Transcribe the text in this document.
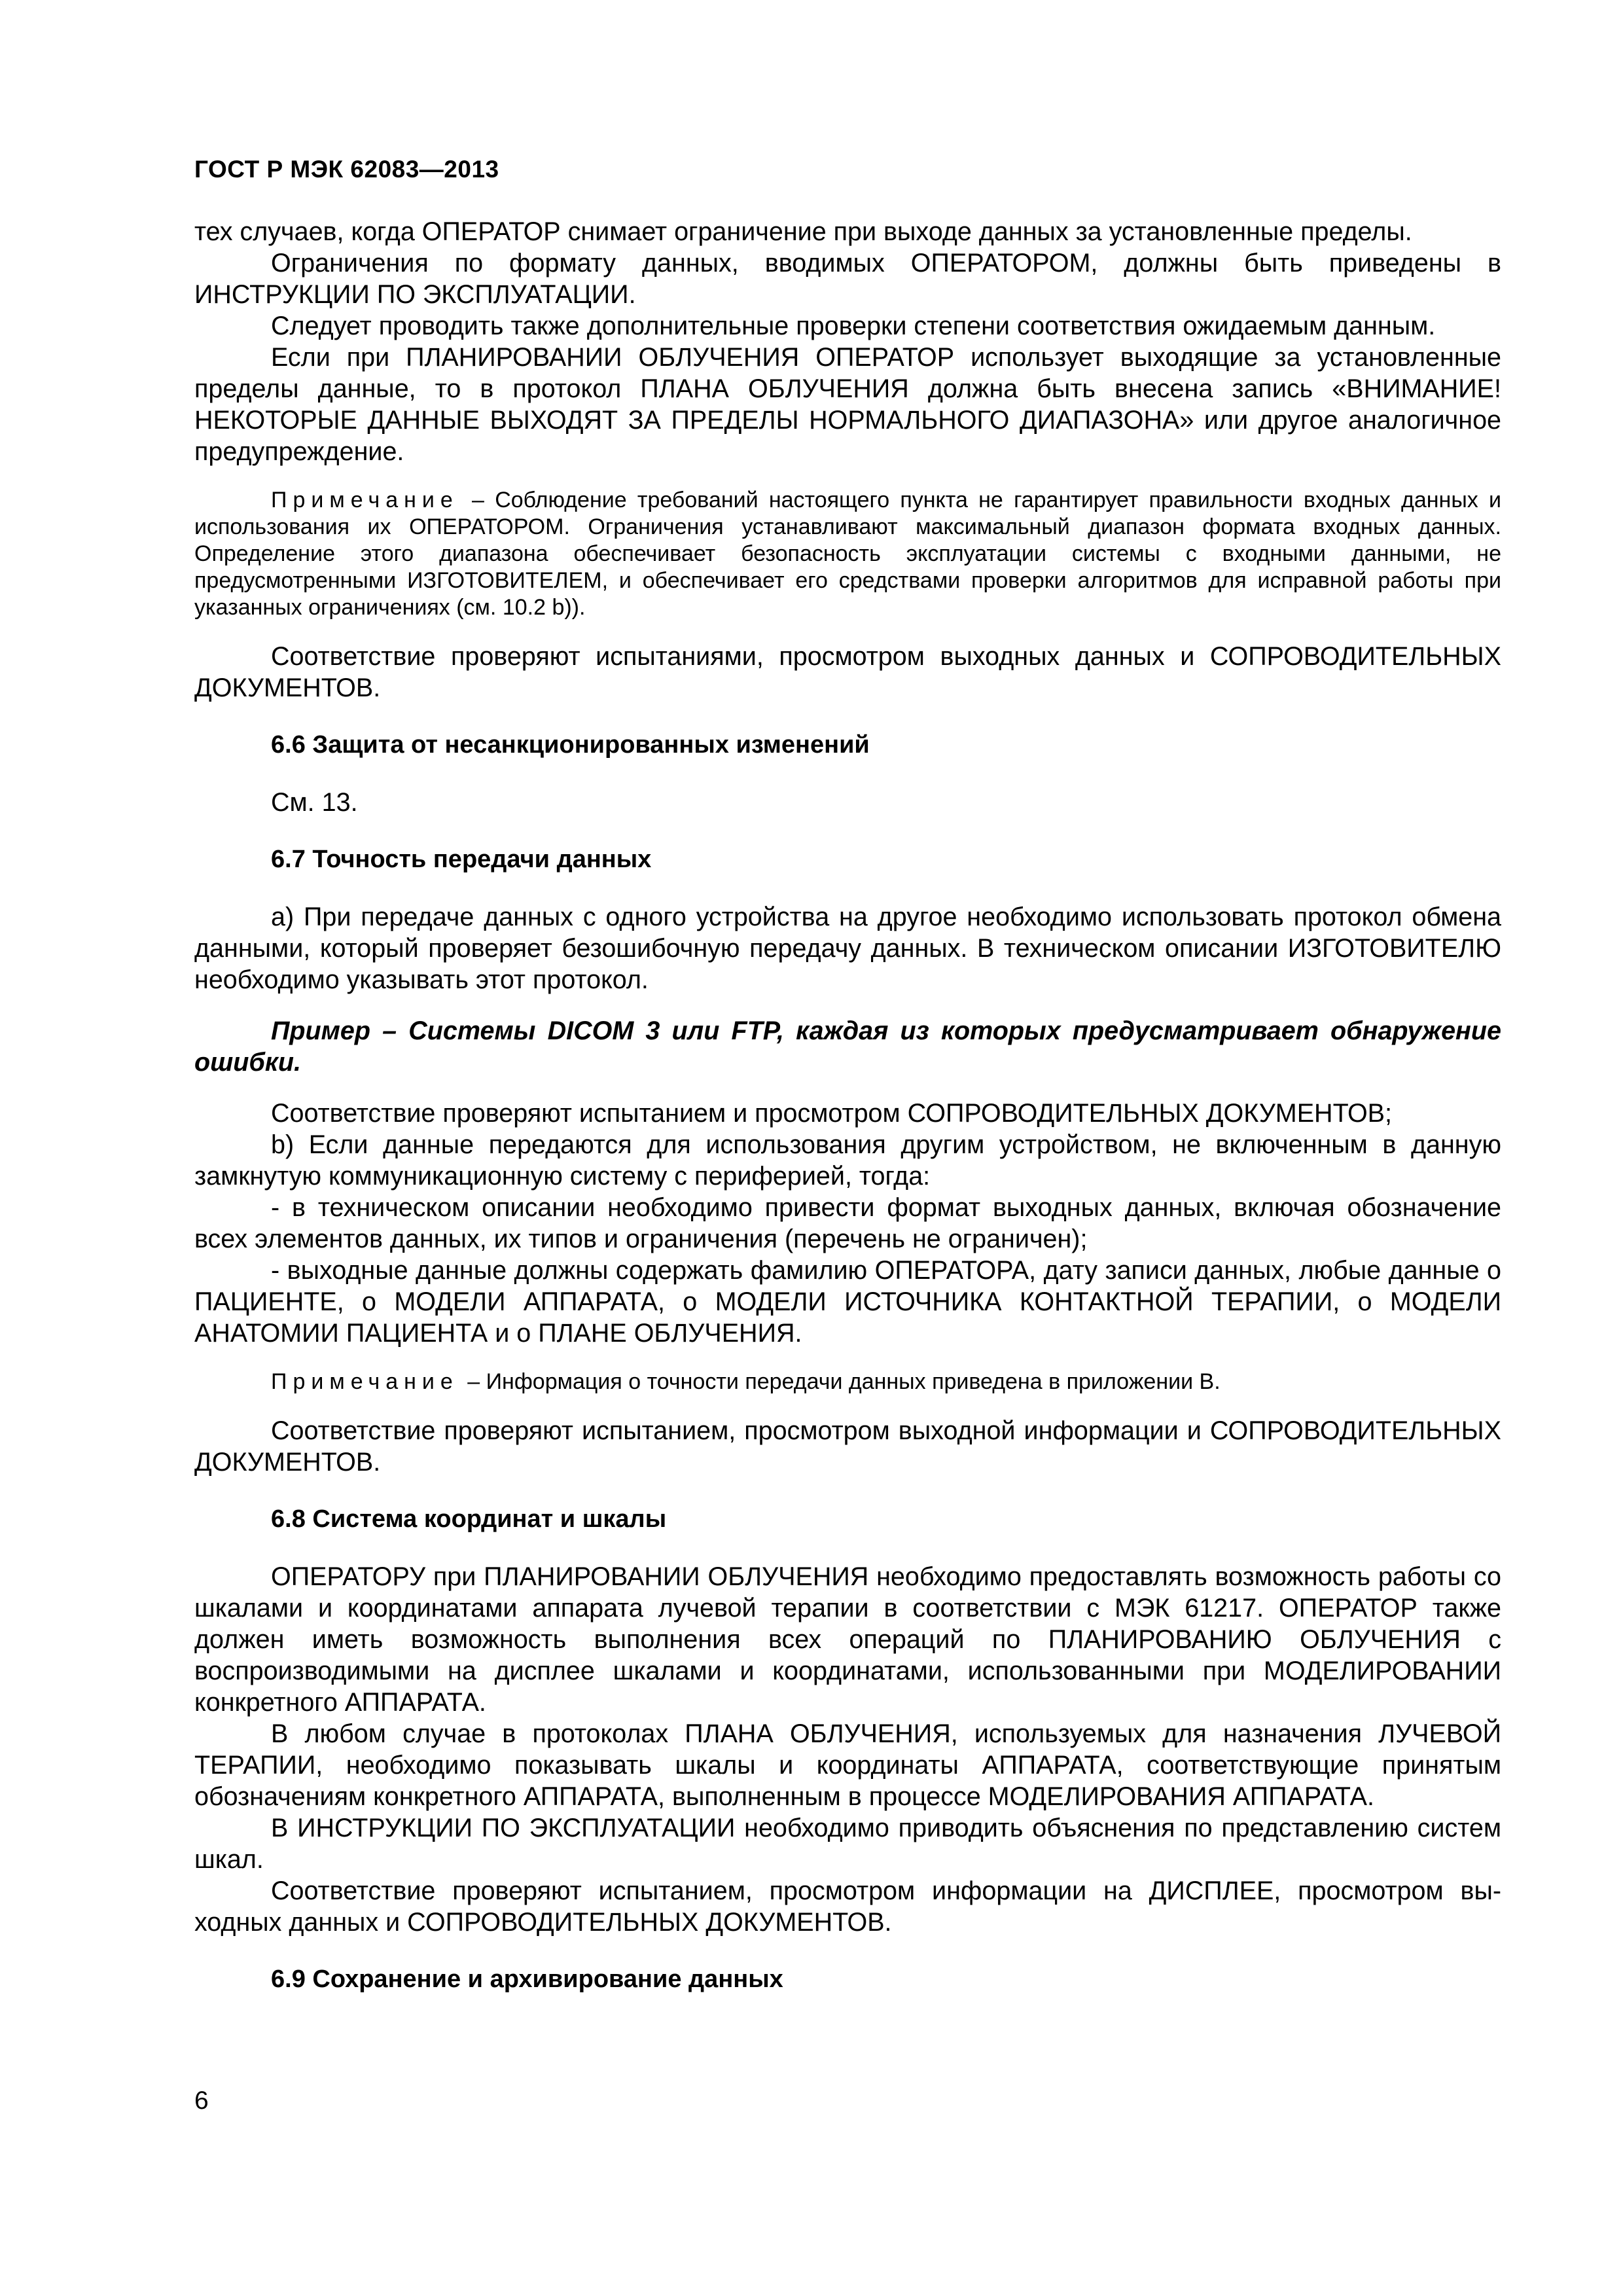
ГОСТ Р МЭК 62083—2013

тех случаев, когда ОПЕРАТОР снимает ограничение при выходе данных за установленные пределы.

Ограничения по формату данных, вводимых ОПЕРАТОРОМ, должны быть приведены в ИНСТРУКЦИИ ПО ЭКСПЛУАТАЦИИ.

Следует проводить также дополнительные проверки степени соответствия ожидаемым данным.

Если при ПЛАНИРОВАНИИ ОБЛУЧЕНИЯ ОПЕРАТОР использует выходящие за установленные пределы данные, то в протокол ПЛАНА ОБЛУЧЕНИЯ должна быть внесена запись «ВНИМАНИЕ! НЕКОТОРЫЕ ДАННЫЕ ВЫХОДЯТ ЗА ПРЕДЕЛЫ НОРМАЛЬНОГО ДИАПАЗОНА» или другое аналогичное предупреждение.

Примечание – Соблюдение требований настоящего пункта не гарантирует правильности входных данных и использования их ОПЕРАТОРОМ. Ограничения устанавливают максимальный диапазон формата входных данных. Определение этого диапазона обеспечивает безопасность эксплуатации системы с входными данными, не предусмотренными ИЗГОТОВИТЕЛЕМ, и обеспечивает его средствами проверки алгоритмов для исправной работы при указанных ограничениях (см. 10.2 b)).

Соответствие проверяют испытаниями, просмотром выходных данных и СОПРОВОДИТЕЛЬНЫХ ДОКУМЕНТОВ.

6.6 Защита от несанкционированных изменений

См. 13.

6.7 Точность передачи данных

а) При передаче данных с одного устройства на другое необходимо использовать протокол обмена данными, который проверяет безошибочную передачу данных. В техническом описании ИЗГОТОВИТЕЛЮ необходимо указывать этот протокол.

Пример – Системы DICOM 3 или FTP, каждая из которых предусматривает обнаружение ошибки.

Соответствие проверяют испытанием и просмотром СОПРОВОДИТЕЛЬНЫХ ДОКУМЕНТОВ;

b) Если данные передаются для использования другим устройством, не включенным в данную замкнутую коммуникационную систему с периферией, тогда:

- в техническом описании необходимо привести формат выходных данных, включая обозначение всех элементов данных, их типов и ограничения (перечень не ограничен);

- выходные данные должны содержать фамилию ОПЕРАТОРА, дату записи данных, любые данные о ПАЦИЕНТЕ, о МОДЕЛИ АППАРАТА, о МОДЕЛИ ИСТОЧНИКА КОНТАКТНОЙ ТЕРАПИИ, о МОДЕЛИ АНАТОМИИ ПАЦИЕНТА и о ПЛАНЕ ОБЛУЧЕНИЯ.

Примечание – Информация о точности передачи данных приведена в приложении В.

Соответствие проверяют испытанием, просмотром выходной информации и СОПРОВОДИТЕЛЬНЫХ ДОКУМЕНТОВ.

6.8 Система координат и шкалы

ОПЕРАТОРУ при ПЛАНИРОВАНИИ ОБЛУЧЕНИЯ необходимо предоставлять возможность работы со шкалами и координатами аппарата лучевой терапии в соответствии с МЭК 61217. ОПЕРАТОР также должен иметь возможность выполнения всех операций по ПЛАНИРОВАНИЮ ОБЛУЧЕНИЯ с воспроизводимыми на дисплее шкалами и координатами, использованными при МОДЕЛИРОВАНИИ конкретного АППАРАТА.

В любом случае в протоколах ПЛАНА ОБЛУЧЕНИЯ, используемых для назначения ЛУЧЕВОЙ ТЕРАПИИ, необходимо показывать шкалы и координаты АППАРАТА, соответствующие принятым обозначениям конкретного АППАРАТА, выполненным в процессе МОДЕЛИРОВАНИЯ АППАРАТА.

В ИНСТРУКЦИИ ПО ЭКСПЛУАТАЦИИ необходимо приводить объяснения по представлению систем шкал.

Соответствие проверяют испытанием, просмотром информации на ДИСПЛЕЕ, просмотром выходных данных и СОПРОВОДИТЕЛЬНЫХ ДОКУМЕНТОВ.

6.9 Сохранение и архивирование данных

6
